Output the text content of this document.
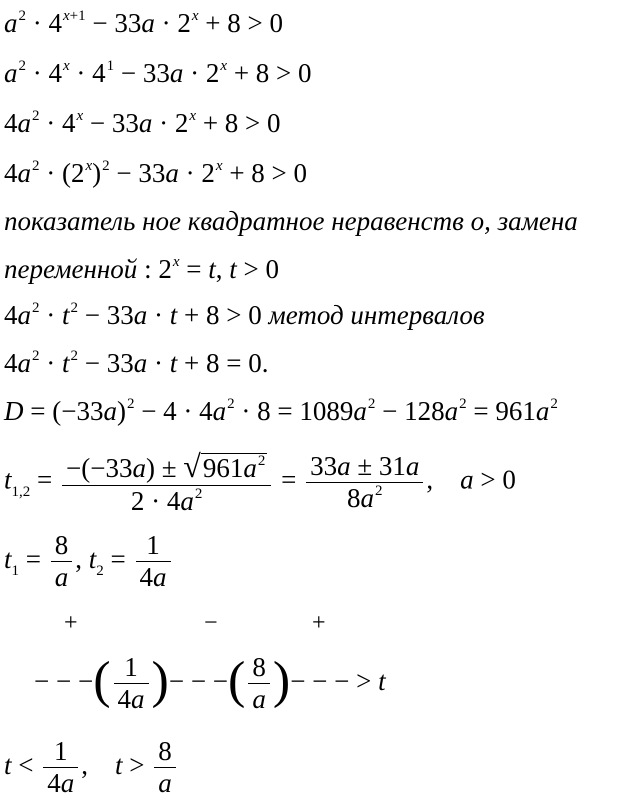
$a^2 \cdot 4^{x+1} - 33a \cdot 2^x + 8 > 0$
$a^2 \cdot 4^x \cdot 4^1 - 33a \cdot 2^x + 8 > 0$
$4a^2 \cdot 4^x - 33a \cdot 2^x + 8 > 0$
$4a^2 \cdot (2^x)^2 - 33a \cdot 2^x + 8 > 0$
показатель ное квадратное неравенств о, замена
переменной : $2^x = t$, t > 0
$4a^2 \cdot t^2 - 33a \cdot t + 8 > 0$ метод интервалов
$4a^2 \cdot t^2 - 33a \cdot t + 8 = 0$.
$D = (-33a)^2 - 4 \cdot 4a^2 \cdot 8 = 1089a^2 - 128a^2 = 961a^2$
$t_{1,2} = \frac{-(-33a) \pm √961a^2}{2 \cdot 4a^2} = \frac{33a \pm 31a}{8a^2}$ ,    a > 0
$t_1 = \frac{8}{a}$ , $t_2 = \frac{1}{4a}$
+	−	+
− − −( $\frac{1}{4a}$ )− − −( $\frac{8}{a}$ )− − − > t
$t < \frac{1}{4a}$ ,    $t > \frac{8}{a}$
